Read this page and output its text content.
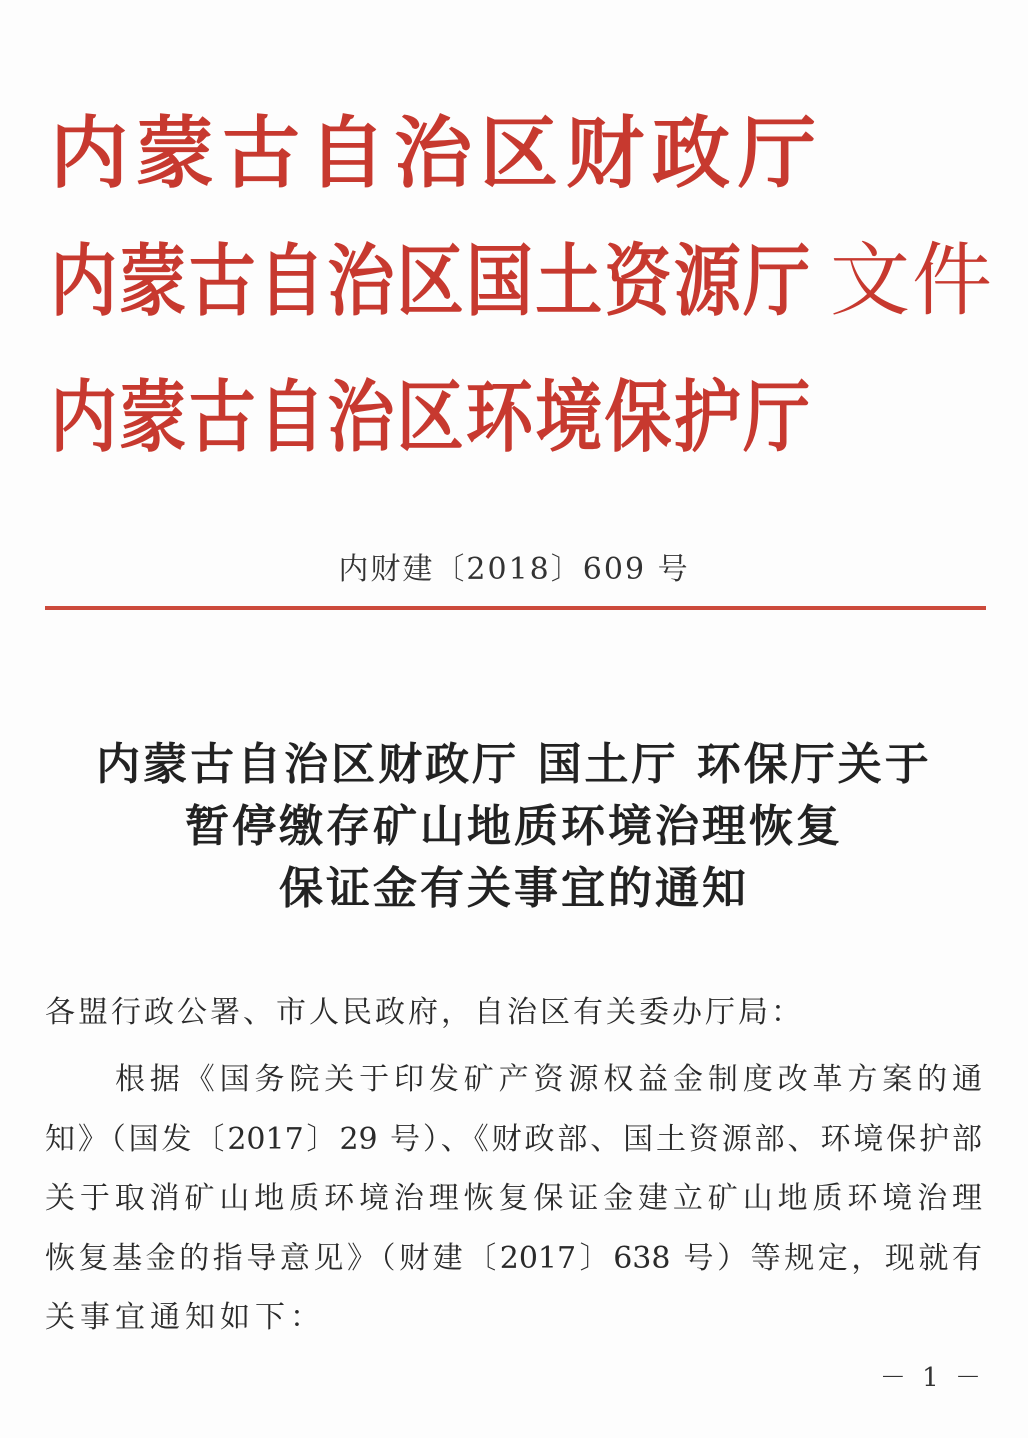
内蒙古自治区财政厅
内蒙古自治区国土资源厅 文件
内蒙古自治区环境保护厅
内财建〔2018〕609 号
内蒙古自治区财政厅 国土厅 环保厅关于
暂停缴存矿山地质环境治理恢复
保证金有关事宜的通知
各盟行政公署、市人民政府，自治区有关委办厅局：
根据《国务院关于印发矿产资源权益金制度改革方案的通
知》（国发〔2017〕29 号）、《财政部、国土资源部、环境保护部
关于取消矿山地质环境治理恢复保证金建立矿山地质环境治理
恢复基金的指导意见》（财建〔2017〕638 号）等规定，现就有
关事宜通知如下：
－ 1 －
